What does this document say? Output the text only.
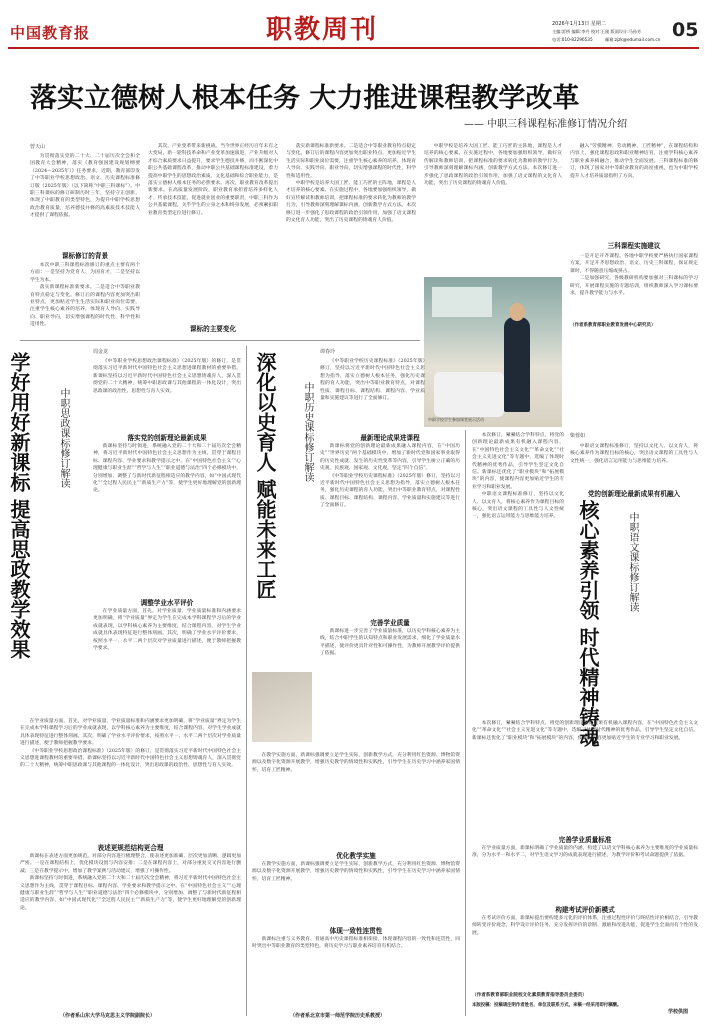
中国教育报	职教周刊	2026年1月13日 星期二
主编:雷桥 编辑:李丹 校对:王刚 版面设计:马孙芳
电话:010-82296535	邮箱:zjzk@edumail.com.cn 05
落实立德树人根本任务 大力推进课程教学改革
—— 中职三科课程标准修订情况介绍
曾天山

为贯彻落实党的二十大、二十届历次全会和全国教育大会精神，落实《教育强国建设规划纲要（2024—2035年）》任务要求，近期，教育部印发了中等职业学校思想政治、语文、历史课程标准修订版（2025年版）（以下简称“中职三科课标”）。中职三科课标的修订研制历时三年，坚持守正创新，体现了中职教育的类型特色，为提升中职学校思想政治教育质量，培养德技并修的高素质技术技能人才提供了课程依据。

课标修订的背景

本次中职三科课程标准修订的重点主要有两个方面：一是坚持为党育人、为国育才，二是坚持以学生为本。

落实新课程标准新要求。二是适合中等职业教育特点稳定与变化。修订后的课程内容更加突出职业特点，更加贴近学生生活实际和职业岗位需要，注重学生核心素养的培养，体现育人导向、实践导向、职业导向，切实增强课程的时代性、科学性和适用性。

其次，产业变革带来新挑战。当今世界正经历百年未有之大变局，新一轮科技革命和产业变革加速演进，产业升级对人才综合素质要求日益提升，要求学生德技并修，而不断深化中职公共基础课程改革，推动中职公共基础课程标准建设，着力提高中职学生的思想政治素质、文化基础和综合职业能力，是落实立德树人根本任务的必然要求。再次，职业教育改革提出新要求。在高质量发展阶段，职业教育承担着培养多样化人才、传承技术技能、促进就业创业的重要职责，中职三科作为公共基础课程，关乎学生的立身之本和终身发展，必须紧扣职业教育类型定位进行修订。

课标的主要变化

落实新课程标准新要求。二是适合中等职业教育特点稳定与变化。修订后的课程内容更加突出职业特点，更加贴近学生生活实际和职业岗位需要，注重学生核心素养的培养，体现育人导向、实践导向、职业导向，切实增强课程的时代性、科学性和适用性。

中职学校是培养大国工匠、能工巧匠的主阵地，课程是人才培养的核心要素。在实施过程中，各地要加强组织领导，做好宣传解读和教师培训，把课程标准的要求转化为教师的教学行为，引导教师深刻理解课标内涵，创新教学方式方法。本次修订进一步强化了思政课程的政治引领作用，加强了语文课程的文化育人功能，突出了历史课程的铸魂育人价值。

中职学校是培养大国工匠、能工巧匠的主阵地，课程是人才培养的核心要素。在实施过程中，各地要加强组织领导，做好宣传解读和教师培训，把课程标准的要求转化为教师的教学行为，引导教师深刻理解课标内涵，创新教学方式方法。本次修订进一步强化了思政课程的政治引领作用，加强了语文课程的文化育人功能，突出了历史课程的铸魂育人价值。

融入“劳模精神、劳动精神、工匠精神”，在课程结构和内容上，强化课程思政和职业精神培育，注重学科核心素养与职业素养相融合，推动学生全面发展。三科课程标准的修订，体现了国家对中等职业教育的高度重视，也为中职学校提升人才培养质量指明了方向。

三科课程实施建议

一是开足开齐课程。各地中职学校要严格执行国家课程方案，开足开齐思想政治、语文、历史三科课程，保证规定课时，不得随意压缩或挤占。

二是加强研究。各级教研机构要加强对三科课标的学习研究，开展课程实施的专题培训，组织教师深入学习课标要求，提升教学能力与水平。

（作者系教育部职业教育发展中心研究员）
中职学校学生参加课堂展示活动
学好用好新课标 提高思政教学效果	中职思政课标修订解读
周金龙

《中等职业学校思想政治课程标准》（2025年版）的修订，是贯彻落实习近平新时代中国特色社会主义思想进课程教材的重要举措。新课标坚持以习近平新时代中国特色社会主义思想铸魂育人，深入贯彻党的二十大精神，统筹中职思政课与其他课程的一体化设计，突出思政课的政治性、思想性与育人实效。

落实党的创新理论最新成果

新课标坚持与时俱进，系统融入党的二十大和二十届历次全会精神，将习近平新时代中国特色社会主义思想作为主线，贯穿于课程目标、课程内容、学业要求和教学提示之中。在“中国特色社会主义”“心理健康与职业生涯”“哲学与人生”“职业道德与法治”四个必修模块中，分别增加、调整了与新时代新征程相适应的教学内容，如“中国式现代化”“全过程人民民主”“新质生产力”等，使学生更好地理解党的创新理论。

调整学业水平评价

在学业质量方面，首先，对学业质量、学业质量标准和内涵要求更加明确，将“学业质量”界定为学生在完成本学科课程学习后的学业成就表现，以学科核心素养为主要维度，结合课程内容，对学生学业成就具体表现特征进行整体刻画。其次，明确了学业水平评价要求，按照水平一、水平二两个层次对学业质量进行描述，便于教师把握教学要求。

在学业质量方面，首先，对学业质量、学业质量标准和内涵要求更加明确，将“学业质量”界定为学生在完成本学科课程学习后的学业成就表现，以学科核心素养为主要维度，结合课程内容，对学生学业成就具体表现特征进行整体刻画。其次，明确了学业水平评价要求，按照水平一、水平二两个层次对学业质量进行描述，便于教师把握教学要求。

《中等职业学校思想政治课程标准》（2025年版）的修订，是贯彻落实习近平新时代中国特色社会主义思想进课程教材的重要举措。新课标坚持以习近平新时代中国特色社会主义思想铸魂育人，深入贯彻党的二十大精神，统筹中职思政课与其他课程的一体化设计，突出思政课的政治性、思想性与育人实效。

表述更规范结构更合理

新课标在表述方面更加规范。对部分内容进行梳理整合，使表述更加准确、层次更加清晰、逻辑更加严密。一是在课程结构上，优化模块设置与内容安排；二是在课程内容上，对部分重复交叉内容进行删减；三是在教学提示中，增加了教学案例与活动建议，增强了可操作性。

新课标坚持与时俱进，系统融入党的二十大和二十届历次全会精神，将习近平新时代中国特色社会主义思想作为主线，贯穿于课程目标、课程内容、学业要求和教学提示之中。在“中国特色社会主义”“心理健康与职业生涯”“哲学与人生”“职业道德与法治”四个必修模块中，分别增加、调整了与新时代新征程相适应的教学内容，如“中国式现代化”“全过程人民民主”“新质生产力”等，使学生更好地理解党的创新理论。

（作者系山东大学马克思主义学院副院长）
深化以史育人 赋能未来工匠	中职历史课标修订解读
谭春玲

《中等职业学校历史课程标准》（2025年版）修订，坚持以习近平新时代中国特色社会主义思想为指导，落实立德树人根本任务，强化历史课程的育人功能，突出中等职业教育特点，对课程性质、课程目标、课程结构、课程内容、学业质量和实施建议等进行了全面修订。

最新理论成果进课程

新课标将党的创新理论最新成果融入课程内容，在“中国历史”“世界历史”两个基础模块中，增加了新时代党和国家事业取得的历史性成就、发生的历史性变革等内容，引导学生树立正确的历史观、民族观、国家观、文化观，坚定“四个自信”。

《中等职业学校历史课程标准》（2025年版）修订，坚持以习近平新时代中国特色社会主义思想为指导，落实立德树人根本任务，强化历史课程的育人功能，突出中等职业教育特点，对课程性质、课程目标、课程结构、课程内容、学业质量和实施建议等进行了全面修订。

完善学业质量

新课标进一步完善了学业质量标准，以历史学科核心素养为主线，结合中职学生的认知特点和职业发展需求，细化了学业质量水平描述，使评价更具针对性和可操作性，为教师开展教学评价提供了依据。

在教学实施方面，新课标强调要立足学生实际，创新教学方式，充分利用红色资源、博物馆资源以及数字化资源开展教学，增强历史教学的情境性和实践性，引导学生在历史学习中涵养家国情怀，培育工匠精神。

优化教学实施

在教学实施方面，新课标强调要立足学生实际，创新教学方式，充分利用红色资源、博物馆资源以及数字化资源开展教学，增强历史教学的情境性和实践性，引导学生在历史学习中涵养家国情怀，培育工匠精神。

体现一致性连贯性

新课标注重与义务教育、普通高中历史课程标准相衔接，体现课程内容的一致性和连贯性，同时突出中等职业教育的类型特色，将历史学习与职业素养培育有机结合。

（作者系北京市第一师范学院历史系教授）
核心素养引领 时代精神铸魂	中职语文课标修订解读
柴蓉如

中职语文课程标准修订，坚持以文化人、以文育人，将核心素养作为课程目标的核心，突出语文课程的工具性与人文性统一，强化语言运用能力与思维能力培养。

党的创新理论最新成果有机融入

本次修订，紧紧结合学科特点，将党的创新理论最新成果有机融入课程内容，在“中国特色社会主义文化”“革命文化”“社会主义先进文化”等专题中，选编了体现时代精神的优秀作品，引导学生坚定文化自信。新课标还优化了“职业模块”和“拓展模块”的内容，使课程内容更加贴近学生的专业学习和职业发展。

中职语文课程标准修订，坚持以文化人、以文育人，将核心素养作为课程目标的核心，突出语文课程的工具性与人文性统一，强化语言运用能力与思维能力培养。

本次修订，紧紧结合学科特点，将党的创新理论最新成果有机融入课程内容，在“中国特色社会主义文化”“革命文化”“社会主义先进文化”等专题中，选编了体现时代精神的优秀作品，引导学生坚定文化自信。新课标还优化了“职业模块”和“拓展模块”的内容，使课程内容更加贴近学生的专业学习和职业发展。

完善学业质量标准

在学业质量方面，新课标明确了学业质量的内涵，构建了以语文学科核心素养为主要维度的学业质量标准，分为水平一和水平二，对学生语文学习的成就表现进行描述，为教学评价和考试命题提供了依据。

构建考试评价新模式

在考试评价方面，新课标提出要构建多元化的评价体系，注重过程性评价与终结性评价相结合，引导教师转变评价观念，科学设计评价任务，充分发挥评价的诊断、激励和改进功能，促进学生全面而有个性的发展。

（作者系教育部职业院校文化素质教育指导委员会委员）
本版投稿：投稿请注明作者姓名、单位及联系方式，来稿一经采用即付稿酬。
学校供图
